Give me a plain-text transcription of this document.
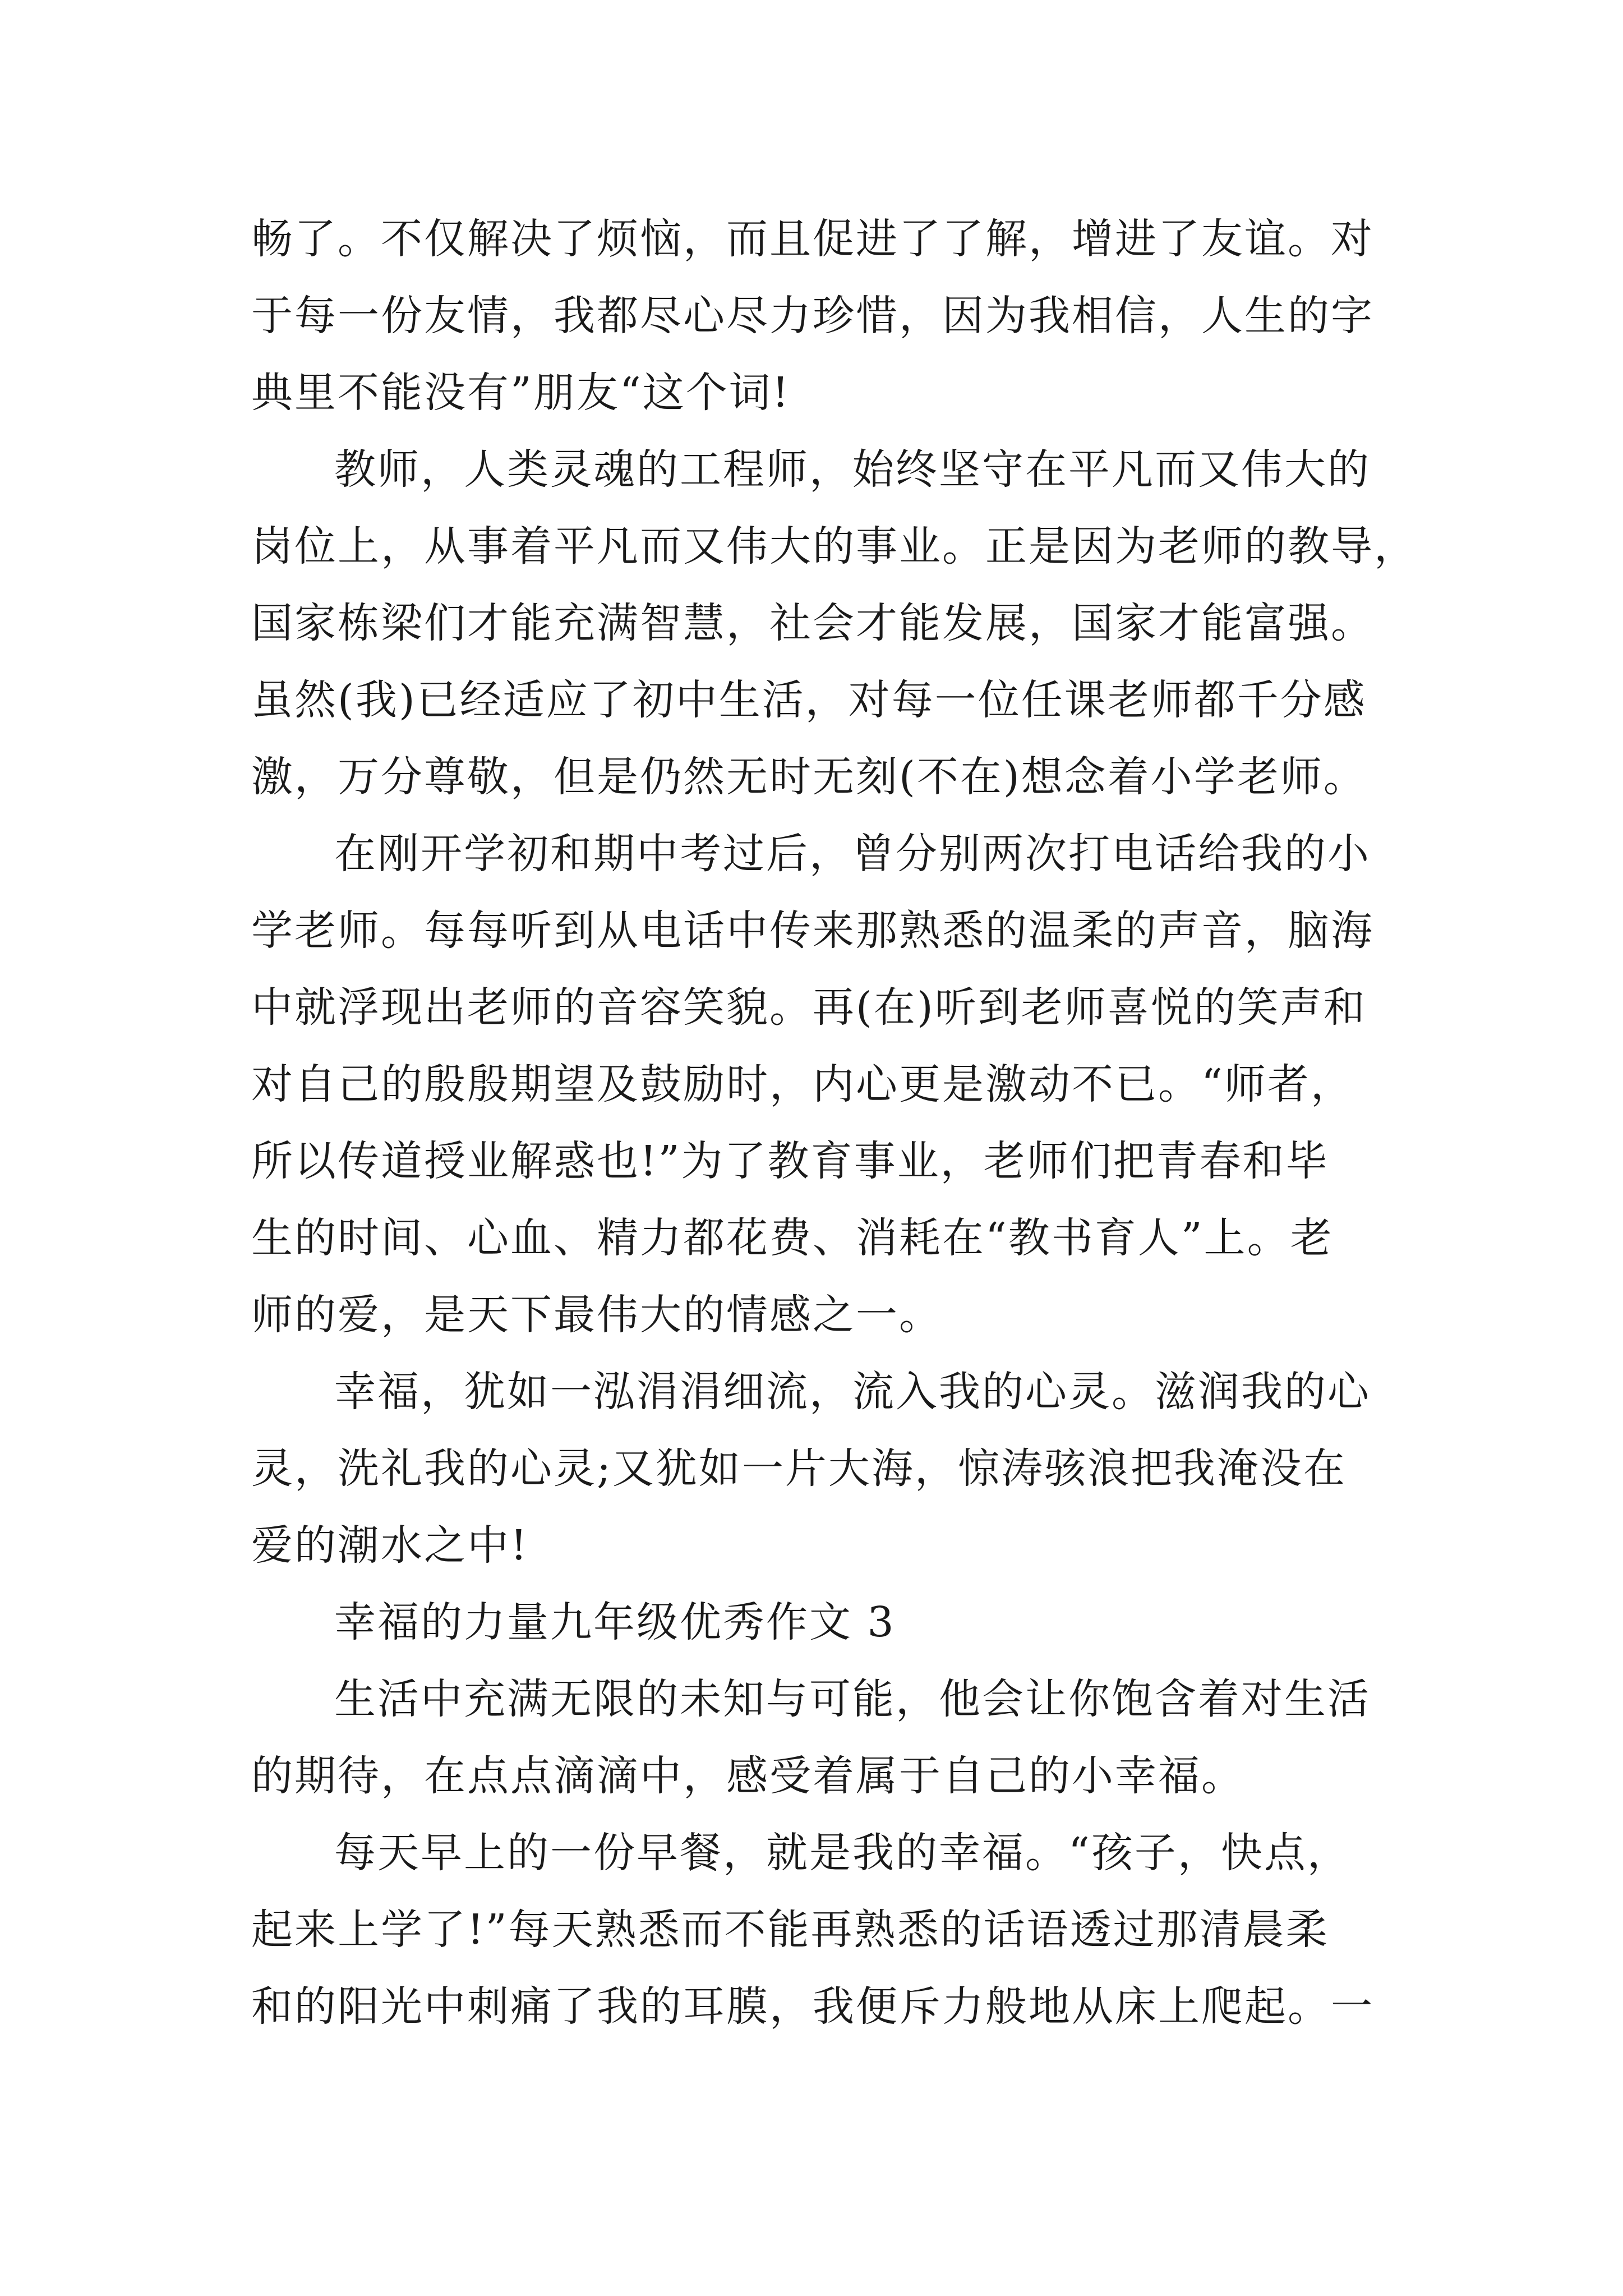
畅了。不仅解决了烦恼，而且促进了了解，增进了友谊。对
于每一份友情，我都尽心尽力珍惜，因为我相信，人生的字
典里不能没有”朋友“这个词!
教师，人类灵魂的工程师，始终坚守在平凡而又伟大的
岗位上，从事着平凡而又伟大的事业。正是因为老师的教导，
国家栋梁们才能充满智慧，社会才能发展，国家才能富强。
虽然(我)已经适应了初中生活，对每一位任课老师都千分感
激，万分尊敬，但是仍然无时无刻(不在)想念着小学老师。
在刚开学初和期中考过后，曾分别两次打电话给我的小
学老师。每每听到从电话中传来那熟悉的温柔的声音，脑海
中就浮现出老师的音容笑貌。再(在)听到老师喜悦的笑声和
对自己的殷殷期望及鼓励时，内心更是激动不已。“师者，
所以传道授业解惑也!”为了教育事业，老师们把青春和毕
生的时间、心血、精力都花费、消耗在“教书育人”上。老
师的爱，是天下最伟大的情感之一。
幸福，犹如一泓涓涓细流，流入我的心灵。滋润我的心
灵，洗礼我的心灵;又犹如一片大海，惊涛骇浪把我淹没在
爱的潮水之中!
幸福的力量九年级优秀作文 3
生活中充满无限的未知与可能，他会让你饱含着对生活
的期待，在点点滴滴中，感受着属于自己的小幸福。
每天早上的一份早餐，就是我的幸福。“孩子，快点，
起来上学了!”每天熟悉而不能再熟悉的话语透过那清晨柔
和的阳光中刺痛了我的耳膜，我便斥力般地从床上爬起。一
